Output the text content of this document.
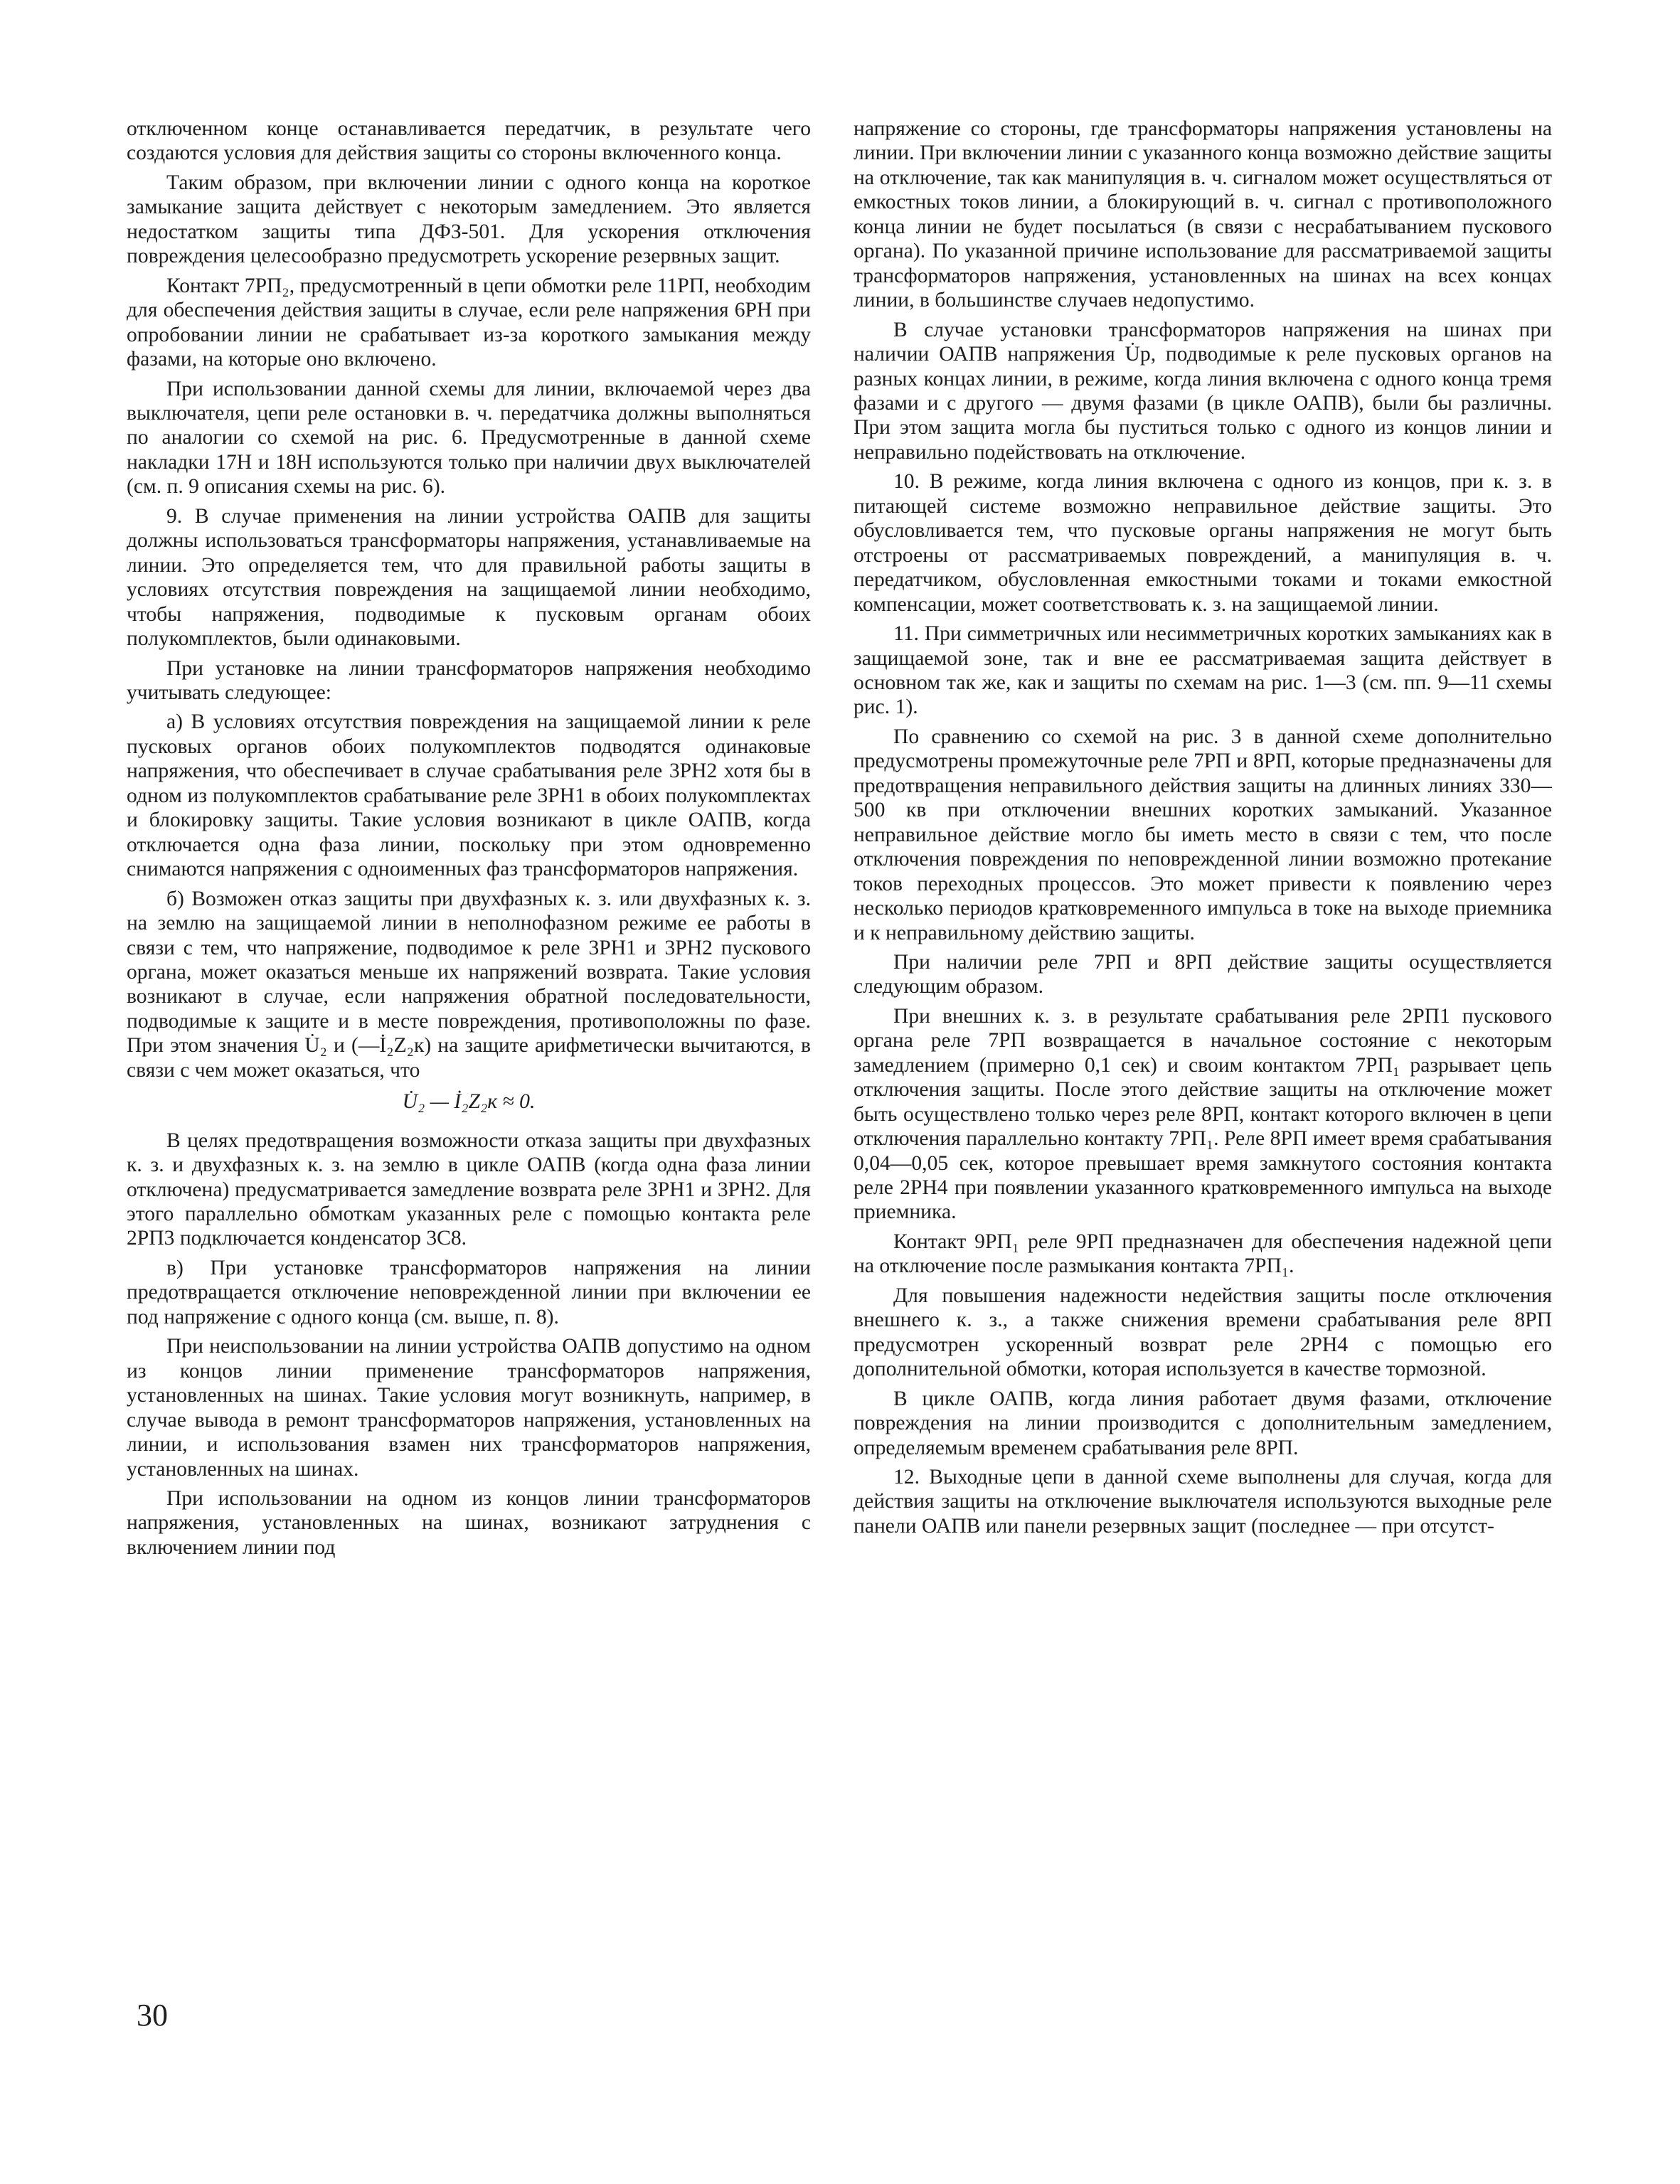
отключенном конце останавливается передатчик, в результате чего создаются условия для действия защиты со стороны включенного конца.

Таким образом, при включении линии с одного конца на короткое замыкание защита действует с некоторым замедлением. Это является недостатком защиты типа ДФЗ-501. Для ускорения отключения повреждения целесообразно предусмотреть ускорение резервных защит.

Контакт 7РП₂, предусмотренный в цепи обмотки реле 11РП, необходим для обеспечения действия защиты в случае, если реле напряжения 6РН при опробовании линии не срабатывает из-за короткого замыкания между фазами, на которые оно включено.

При использовании данной схемы для линии, включаемой через два выключателя, цепи реле остановки в. ч. передатчика должны выполняться по аналогии со схемой на рис. 6. Предусмотренные в данной схеме накладки 17Н и 18Н используются только при наличии двух выключателей (см. п. 9 описания схемы на рис. 6).

9. В случае применения на линии устройства ОАПВ для защиты должны использоваться трансформаторы напряжения, устанавливаемые на линии. Это определяется тем, что для правильной работы защиты в условиях отсутствия повреждения на защищаемой линии необходимо, чтобы напряжения, подводимые к пусковым органам обоих полукомплектов, были одинаковыми.

При установке на линии трансформаторов напряжения необходимо учитывать следующее:

а) В условиях отсутствия повреждения на защищаемой линии к реле пусковых органов обоих полукомплектов подводятся одинаковые напряжения, что обеспечивает в случае срабатывания реле 3РН2 хотя бы в одном из полукомплектов срабатывание реле 3РН1 в обоих полукомплектах и блокировку защиты. Такие условия возникают в цикле ОАПВ, когда отключается одна фаза линии, поскольку при этом одновременно снимаются напряжения с одноименных фаз трансформаторов напряжения.

б) Возможен отказ защиты при двухфазных к. з. или двухфазных к. з. на землю на защищаемой линии в неполнофазном режиме ее работы в связи с тем, что напряжение, подводимое к реле 3РН1 и 3РН2 пускового органа, может оказаться меньше их напряжений возврата. Такие условия возникают в случае, если напряжения обратной последовательности, подводимые к защите и в месте повреждения, противоположны по фазе. При этом значения U̇₂ и (—İ₂Z₂к) на защите арифметически вычитаются, в связи с чем может оказаться, что

U̇₂ — İ₂Z₂к ≈ 0.

В целях предотвращения возможности отказа защиты при двухфазных к. з. и двухфазных к. з. на землю в цикле ОАПВ (когда одна фаза линии отключена) предусматривается замедление возврата реле 3РН1 и 3РН2. Для этого параллельно обмоткам указанных реле с помощью контакта реле 2РП3 подключается конденсатор 3С8.

в) При установке трансформаторов напряжения на линии предотвращается отключение неповрежденной линии при включении ее под напряжение с одного конца (см. выше, п. 8).

При неиспользовании на линии устройства ОАПВ допустимо на одном из концов линии применение трансформаторов напряжения, установленных на шинах. Такие условия могут возникнуть, например, в случае вывода в ремонт трансформаторов напряжения, установленных на линии, и использования взамен них трансформаторов напряжения, установленных на шинах.

При использовании на одном из концов линии трансформаторов напряжения, установленных на шинах, возникают затруднения с включением линии под

напряжение со стороны, где трансформаторы напряжения установлены на линии. При включении линии с указанного конца возможно действие защиты на отключение, так как манипуляция в. ч. сигналом может осуществляться от емкостных токов линии, а блокирующий в. ч. сигнал с противоположного конца линии не будет посылаться (в связи с несрабатыванием пускового органа). По указанной причине использование для рассматриваемой защиты трансформаторов напряжения, установленных на шинах на всех концах линии, в большинстве случаев недопустимо.

В случае установки трансформаторов напряжения на шинах при наличии ОАПВ напряжения U̇р, подводимые к реле пусковых органов на разных концах линии, в режиме, когда линия включена с одного конца тремя фазами и с другого — двумя фазами (в цикле ОАПВ), были бы различны. При этом защита могла бы пуститься только с одного из концов линии и неправильно подействовать на отключение.

10. В режиме, когда линия включена с одного из концов, при к. з. в питающей системе возможно неправильное действие защиты. Это обусловливается тем, что пусковые органы напряжения не могут быть отстроены от рассматриваемых повреждений, а манипуляция в. ч. передатчиком, обусловленная емкостными токами и токами емкостной компенсации, может соответствовать к. з. на защищаемой линии.

11. При симметричных или несимметричных коротких замыканиях как в защищаемой зоне, так и вне ее рассматриваемая защита действует в основном так же, как и защиты по схемам на рис. 1—3 (см. пп. 9—11 схемы рис. 1).

По сравнению со схемой на рис. 3 в данной схеме дополнительно предусмотрены промежуточные реле 7РП и 8РП, которые предназначены для предотвращения неправильного действия защиты на длинных линиях 330—500 кв при отключении внешних коротких замыканий. Указанное неправильное действие могло бы иметь место в связи с тем, что после отключения повреждения по неповрежденной линии возможно протекание токов переходных процессов. Это может привести к появлению через несколько периодов кратковременного импульса в токе на выходе приемника и к неправильному действию защиты.

При наличии реле 7РП и 8РП действие защиты осуществляется следующим образом.

При внешних к. з. в результате срабатывания реле 2РП1 пускового органа реле 7РП возвращается в начальное состояние с некоторым замедлением (примерно 0,1 сек) и своим контактом 7РП₁ разрывает цепь отключения защиты. После этого действие защиты на отключение может быть осуществлено только через реле 8РП, контакт которого включен в цепи отключения параллельно контакту 7РП₁. Реле 8РП имеет время срабатывания 0,04—0,05 сек, которое превышает время замкнутого состояния контакта реле 2РН4 при появлении указанного кратковременного импульса на выходе приемника.

Контакт 9РП₁ реле 9РП предназначен для обеспечения надежной цепи на отключение после размыкания контакта 7РП₁.

Для повышения надежности недействия защиты после отключения внешнего к. з., а также снижения времени срабатывания реле 8РП предусмотрен ускоренный возврат реле 2РН4 с помощью его дополнительной обмотки, которая используется в качестве тормозной.

В цикле ОАПВ, когда линия работает двумя фазами, отключение повреждения на линии производится с дополнительным замедлением, определяемым временем срабатывания реле 8РП.

12. Выходные цепи в данной схеме выполнены для случая, когда для действия защиты на отключение выключателя используются выходные реле панели ОАПВ или панели резервных защит (последнее — при отсутст-

30
